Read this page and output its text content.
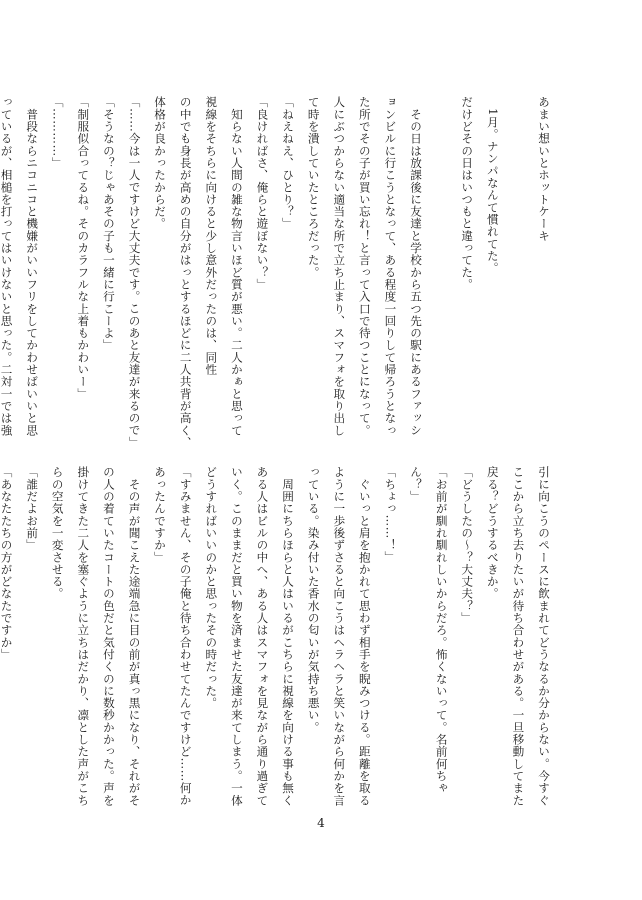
あまい想いとホットケーキ

　1月。ナンパなんて慣れてた。
だけどその日はいつもと違ってた。

　その日は放課後に友達と学校から五つ先の駅にあるファッシ
ョンビルに行こうとなって、ある程度一回りして帰ろうとなっ
た所でその子が買い忘れ！と言って入口で待つことになって。
人にぶつからない適当な所で立ち止まり、スマフォを取り出し
て時を潰していたところだった。
「ねえねえ、ひとり？」
「良ければさ、俺らと遊ぼない？」
　知らない人間の雑な物言いほど質が悪い。二人かぁと思って
視線をそちらに向けると少し意外だったのは、同性
の中でも身長が高めの自分がはっとするほどに二人共背が高く、
体格が良かったからだ。
「……今は一人ですけど大丈夫です。このあと友達が来るので」
「そうなの？じゃあその子も一緒に行こーよ」
「制服似合ってるね。そのカラフルな上着もかわいー」
「…………」
　普段ならニコニコと機嫌がいいフリをしてかわせばいいと思
っているが、相槌を打ってはいけないと思った。二対一では強
引に向こうのペースに飲まれてどうなるか分からない。今すぐ
ここから立ち去りたいが待ち合わせがある。一旦移動してまた
戻る？どうするべきか。
「どうしたの～？大丈夫？」
「お前が馴れ馴れしいからだろ。怖くないって。名前何ちゃ
ん？」
「ちょっ……！」
　ぐいっと肩を抱かれて思わず相手を睨みつける。距離を取る
ように一歩後ずさると向こうはヘラヘラと笑いながら何かを言
っている。染み付いた香水の匂いが気持ち悪い。
　周囲にちらほらと人はいるがこちらに視線を向ける事も無く
ある人はビルの中へ、ある人はスマフォを見ながら通り過ぎて
いく。このままだと買い物を済ませた友達が来てしまう。一体
どうすればいいのかと思ったその時だった。
「すみません、その子俺と待ち合わせてたんですけど……何か
あったんですか」
　その声が聞こえた途端急に目の前が真っ黒になり、それがそ
の人の着ていたコートの色だと気付くのに数秒かかった。声を
掛けてきた二人を塞ぐように立ちはだかり、凛とした声がこち
らの空気を一変させる。
「誰だよお前」
「あなたたちの方がどなたですか」
4
